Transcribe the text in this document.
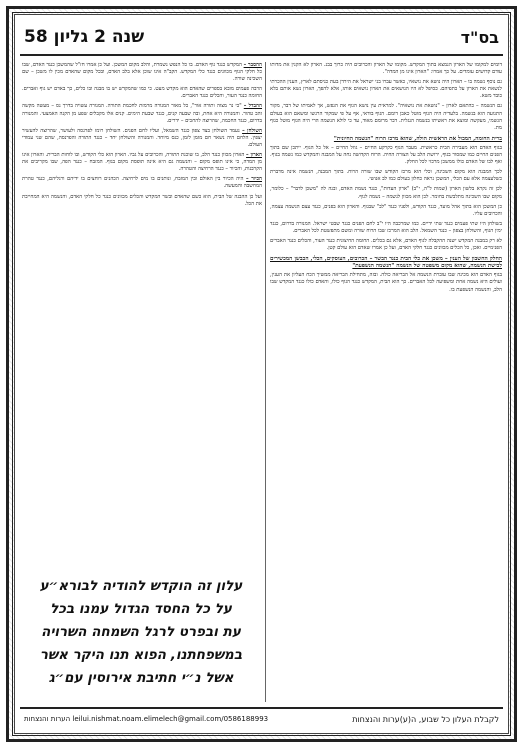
שנה 2 גליון 58	בס"ד

דומים למקומו של הארון הנמצא בתוך המקדש. מקומו של הארון והכרובים היה כרוך בבנ. הארון לא הקנין את מדותו עודם קדושים עומדים. על כך אמרו: "הארון אינו מן המדה".

גם נוסף נשמה בו – הארון היה נושא את נושאיו, כאשר עברו בני ישראל את הירדן בעת כניסתם לארץ, הענין ההכרתי לנשאת את הארון על כתפיהם. כסיפל לא היו הנושאים את הארון נושאים אותו, אלא להפך, הארון נשא אותם בלא כובד משא.

גם הנשמה – כהתאם לארון – "נושאת את נושאיה". למראית עין נושא הגוף את הנפש, אך לאמיתו של דבר, מקור התנועה הוא בנשמה. בלעדיה היה הגוף מוטל כאבן דומם. הגוף בודאי, אף על פי שמקור הרגשו ומשאם הוא בעולם הגשמי, מעקשה ומוצא את ראשיתו בנשמה הנגלית. דבר מרומם מאוד, עד כי לולא הנשמה הרי היה הגוף מוטל כגוף מת.

ברית החומה, המבול את הראשית הולה, שהוא מרכז הרוח "הנשמה החיונית"

בגוף האדם הוא מעבירה הבית כראשית. מעבר הגוף כקרקע החיים – גוזל החיים – אל כל הגוף. ייתכן שם בתוך הפנים החיים כמו שמסור בגוף, ירושת הלב על הצורה החיה. הרוח הקדושה נחה על המבנה והמקדש כמו נשמה בגוף. ואף לבו של האדם כולו ממשכן מרכזי לכל החלק.

לכך המבנה הוא מקום השכינה, וכלי הוא מרכז הקודש שבו שורה הרוח. בתוך המבנה, הנשמה אינה מדברת כשלעצמה אלא עם הכלי, המשכן נראה כחלון בעולם כמו לב אנושי.

לכן זה נקרא בלשון הארון (שמות ל"ה, י"ב) "ארון העדות", כנגד נשמת האדם, ובנה לה "משכן לדבר" – כלומר, מקום שבו השכינה מתלבשת בחומר. לכן הוא מכוון לנשמה – נשמה לגוף.

כן המשכן הוא בתוך אהל מועד, כנגד הקודש, ולפניו כנגד "לב" שבגוף. והארון הוא בפנים, כנגד עצם הנשמה עצמה, והכרובים עליו.

בשולחן היו שתי פעמים כנגד שתי ידיים. כמו שמרכבה היו י"ב לחם הפנים כנגד שבטי ישראל. המנורה בדרום, כנגד ימין הגוף, והשולחן בצפון – כנגד השמאל. הלב הוא המרכז שבו הרוח שורה ומשם מתפשטת לכל האברים.

לא רק במבנה המקדש ישנה ההקבלה לגוף האדם, אלא גם בכלים. החומה החיצונית כנגד העור, והכלים כנגד האברים הפנימיים. ואכן, כל הכלים מכוונים כנגד חלקי האדם, ועל כן אמרו שאדם הוא עולם קטן.

החלק החשבון של הענין – משכן את כלי הבית כנגד הבשר – הכרובים, העוסקים, הכלי, הכבשן המכשירים לבישת הנשמה, שהוא מקום משפטה של הנשמה "הנשמה הנשפעת"

בגוף האדם הוא מכינה שבו עוברת הנשמה אל הבריאה כולה. ובזה, מתחילת הבריאה ממשיך הכח העליון את הענין, ועולים היא נשמה אחת ומשפיעה לכל האברים. כך הוא הבית, המקדש כנגד הגוף כולו, והאדם כולו כנגד המקדש שבו הלב, והנשמה הנשפעת בו.

ההסבר – המקדש כנגד גוף האדם. בו כל הנפש נשמרת, והלב מקום המשכן. ועל כן אמרו חז"ל שהמשכן כנגד האדם, שבו כל חלקי הגוף מכוונים כנגד כלי המקדש. הקב"ה אינו שוכן אלא בלב האדם, ובכל מקום שהאדם מכין לו משכן – שם השכינה שורה.

הרבה פעמים מובא בספרים שהאדם הוא מקדש מעט. כי כמו שהמקדש יש בו מבנה ובו כלים, כך באדם יש גוף ואברים. החומה כנגד העור, והכלים כנגד האברים.

ההבדל – "כי נר מצוה ותורה אור", כל מאור המנורה מרמזת לחכמת התורה. המנורה עשויה בדרך נס – מעשה מקשה זהב טהור. והמנורה היא אחת, ובה שבעה קנים, כנגד שבעת הימים. קנים אלו מקבלים שפע מן הקנה האמצעי. והמנורה בדרום, כנגד החכמה, שהרוצה להחכים – ידרים.

השולחן – נעמד השולחן בצד צפון כנגד השמאל, ועליו לחם הפנים. השולחן רומז לפרנסה ולעושר, שהרוצה להעשיר יצפין. הלחם היה נשאר חם מזמן לזמן, כנס מיוחד. והמנורה והשולחן יחד – כנגד התורה והפרנסה, שהם שני עמודי העולם.

הארון – הארון מכוון כנגד הלב, בו שוכנת התורה, והכרובים על גביו. הארון הוא כלי הקודש, ובו לוחות הברית. והארון אינו מן המדה, כי אינו תופס מקום – והנשמה גם היא אינה תופסת מקום בגוף. המזבח – כנגד הפה, שבו מקריבים את הקרבנות, והכיור – כנגד הרחיצה והטהרה.

הכיור – היה הכיור בין האולם ובין המזבח, ונותנים בו מים לרחיצה. הכהנים רוחצים בו ידיהם ורגליהם, כנגד טהרת המחשבה והמעשה.

ועל כן ההבנה של הבית, הוא כשם שהאדם ובשר המקדש והכלים מכוונים כנגד כל חלקי האדם, והנשמה היא המחייבת את הכל.

עלון זה הוקדש להודיה לבורא״ע
על כל החסד הגדול עמנו בכל
עת ובפרט לרגל השמחה השרויה
במשפחתנו, הפוא תנו היקר אשר
אשל נ״י חתיבת אירוסין עם״ג
leilui.nishmat.noam.elimelech@gmail.com/0586188993 הערות והנצחות	לקבלת העלון כל שבוע, ה(ע)ערות והנצחות
